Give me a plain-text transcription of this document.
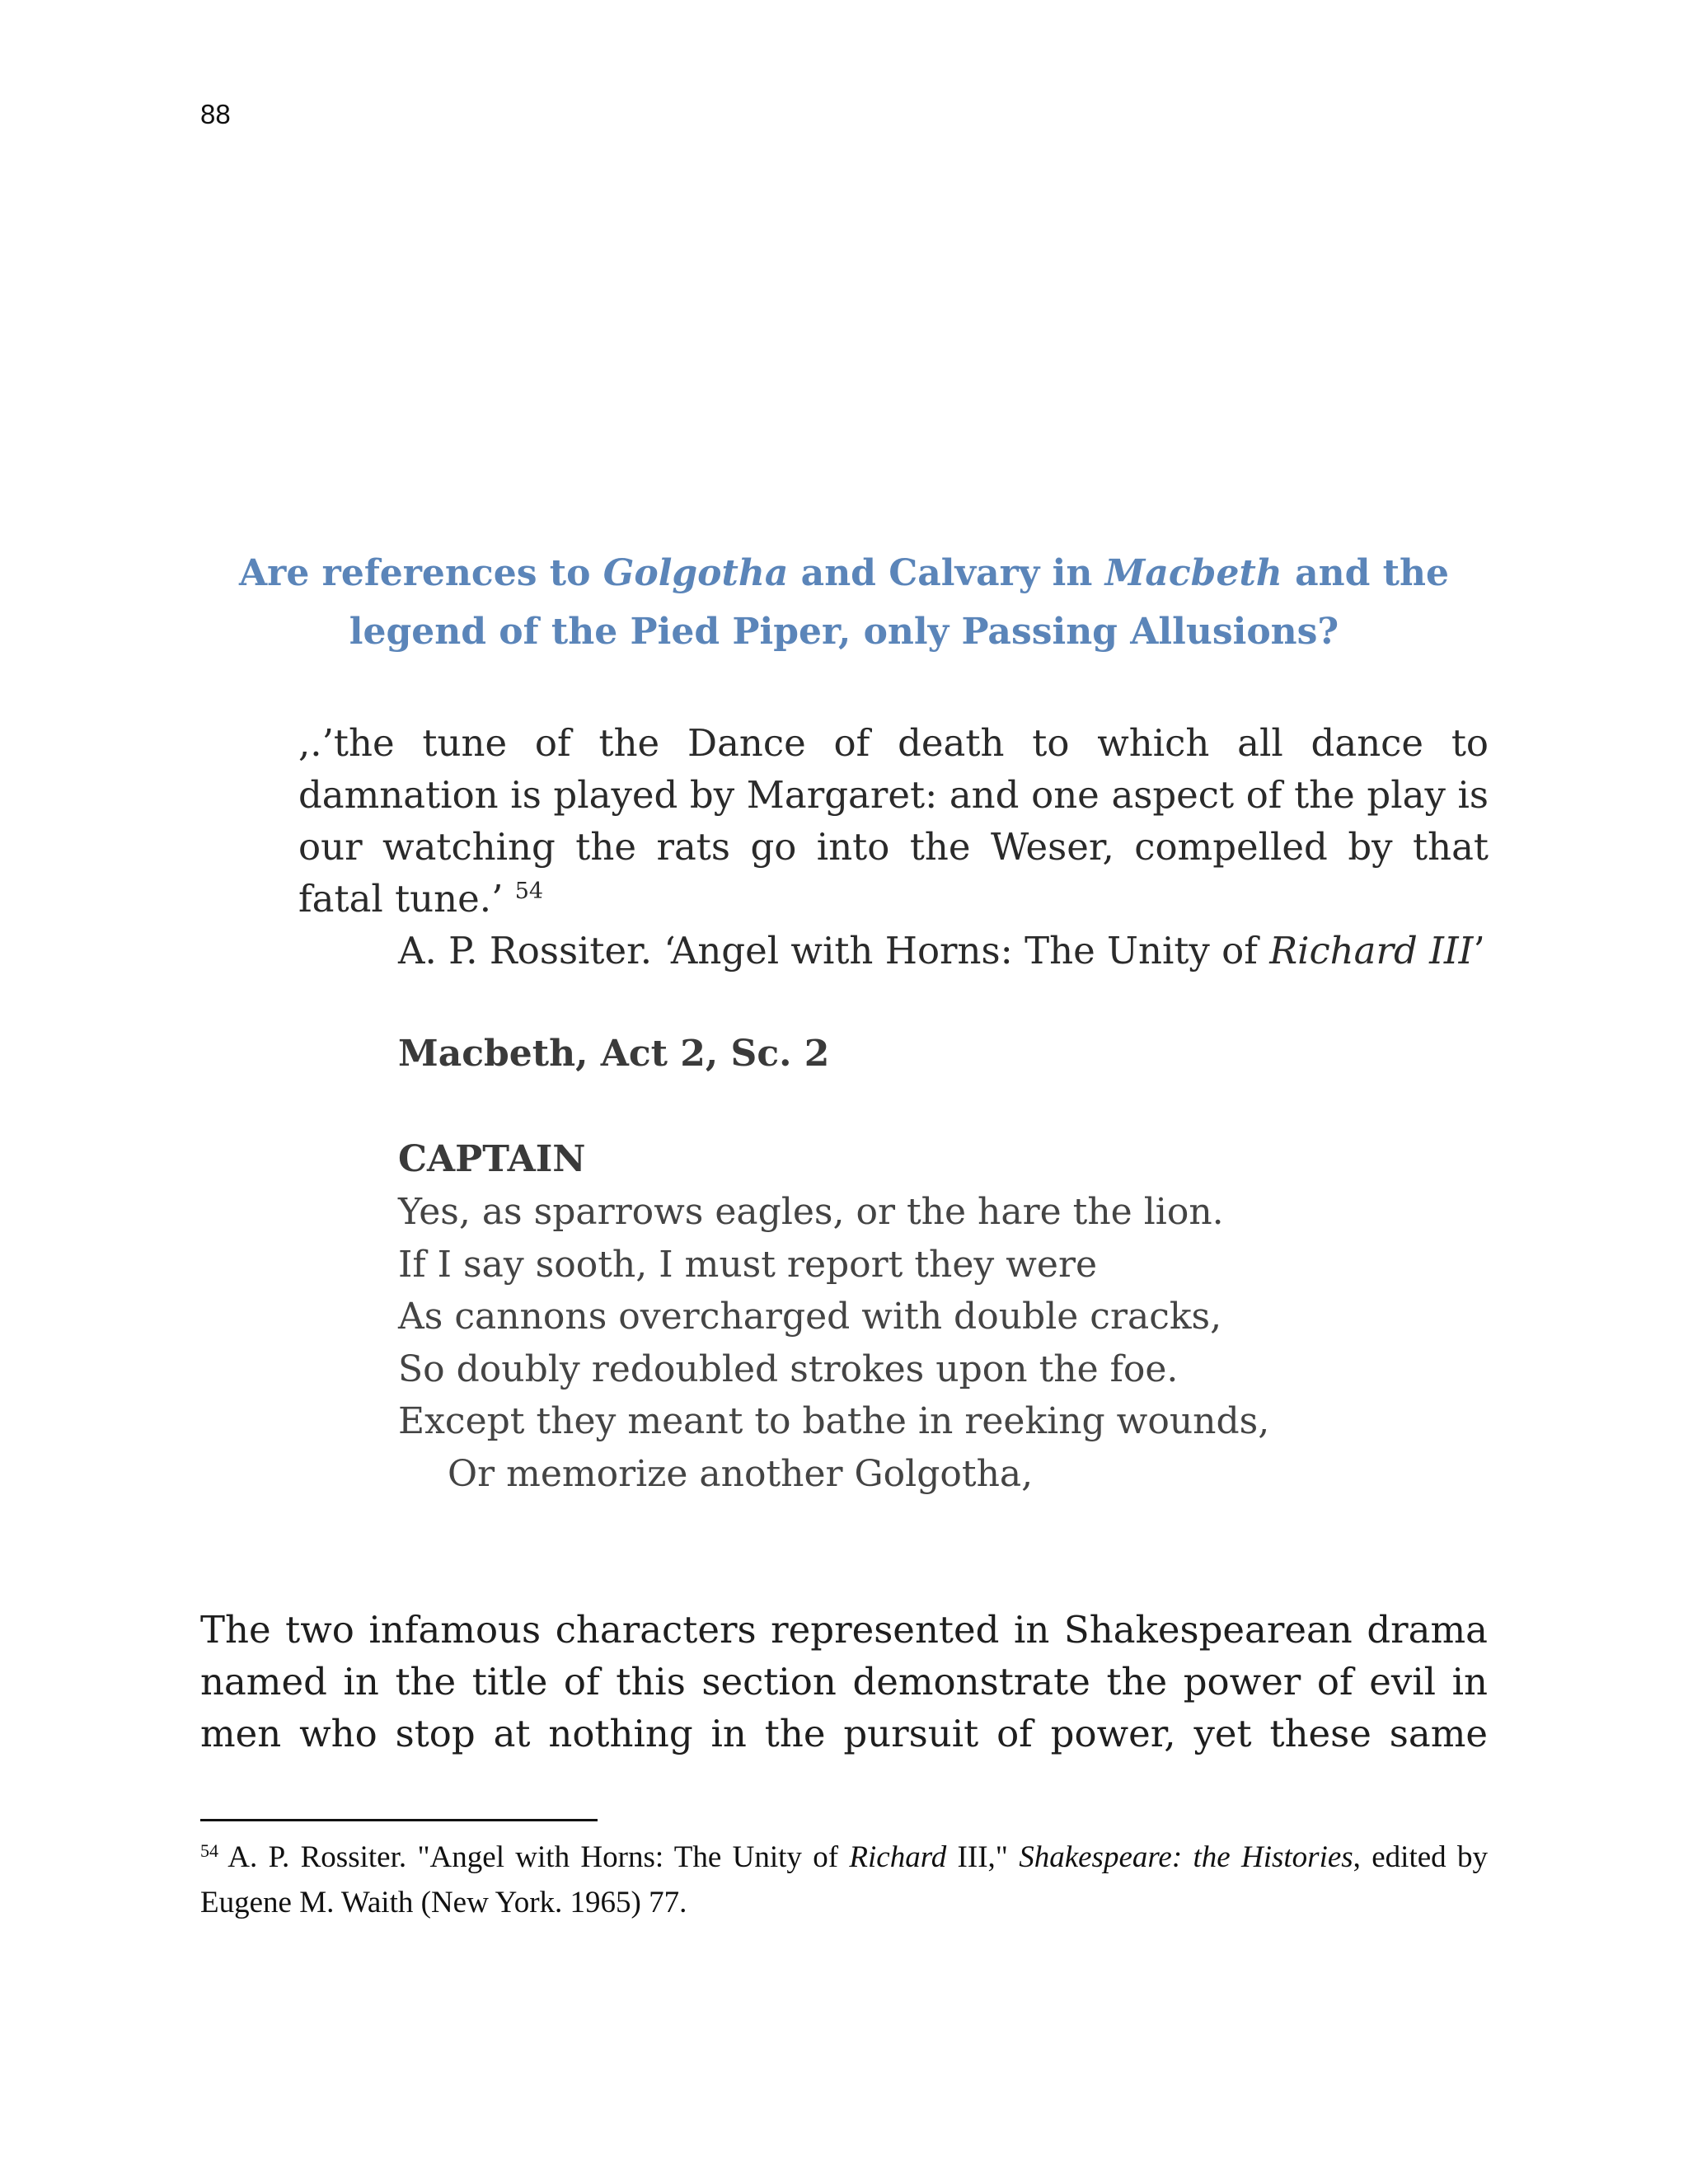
88
Are references to Golgotha and Calvary in Macbeth and the
legend of the Pied Piper, only Passing Allusions?
,.’the tune of the Dance of death to which all dance to damnation is played by Margaret: and one aspect of the play is our watching the rats go into the Weser, compelled by that fatal tune.’ $^{54}$
A. P. Rossiter. ‘Angel with Horns: The Unity of Richard III’
Macbeth, Act 2, Sc. 2
CAPTAIN
Yes, as sparrows eagles, or the hare the lion.
If I say sooth, I must report they were
As cannons overcharged with double cracks,
So doubly redoubled strokes upon the foe.
Except they meant to bathe in reeking wounds,
Or memorize another Golgotha,
The two infamous characters represented in Shakespearean drama
named in the title of this section demonstrate the power of evil in
men who stop at nothing in the pursuit of power, yet these same
$^{54}$ A. P. Rossiter. "Angel with Horns: The Unity of Richard III," Shakespeare: the Histories, edited by Eugene M. Waith (New York. 1965) 77.
